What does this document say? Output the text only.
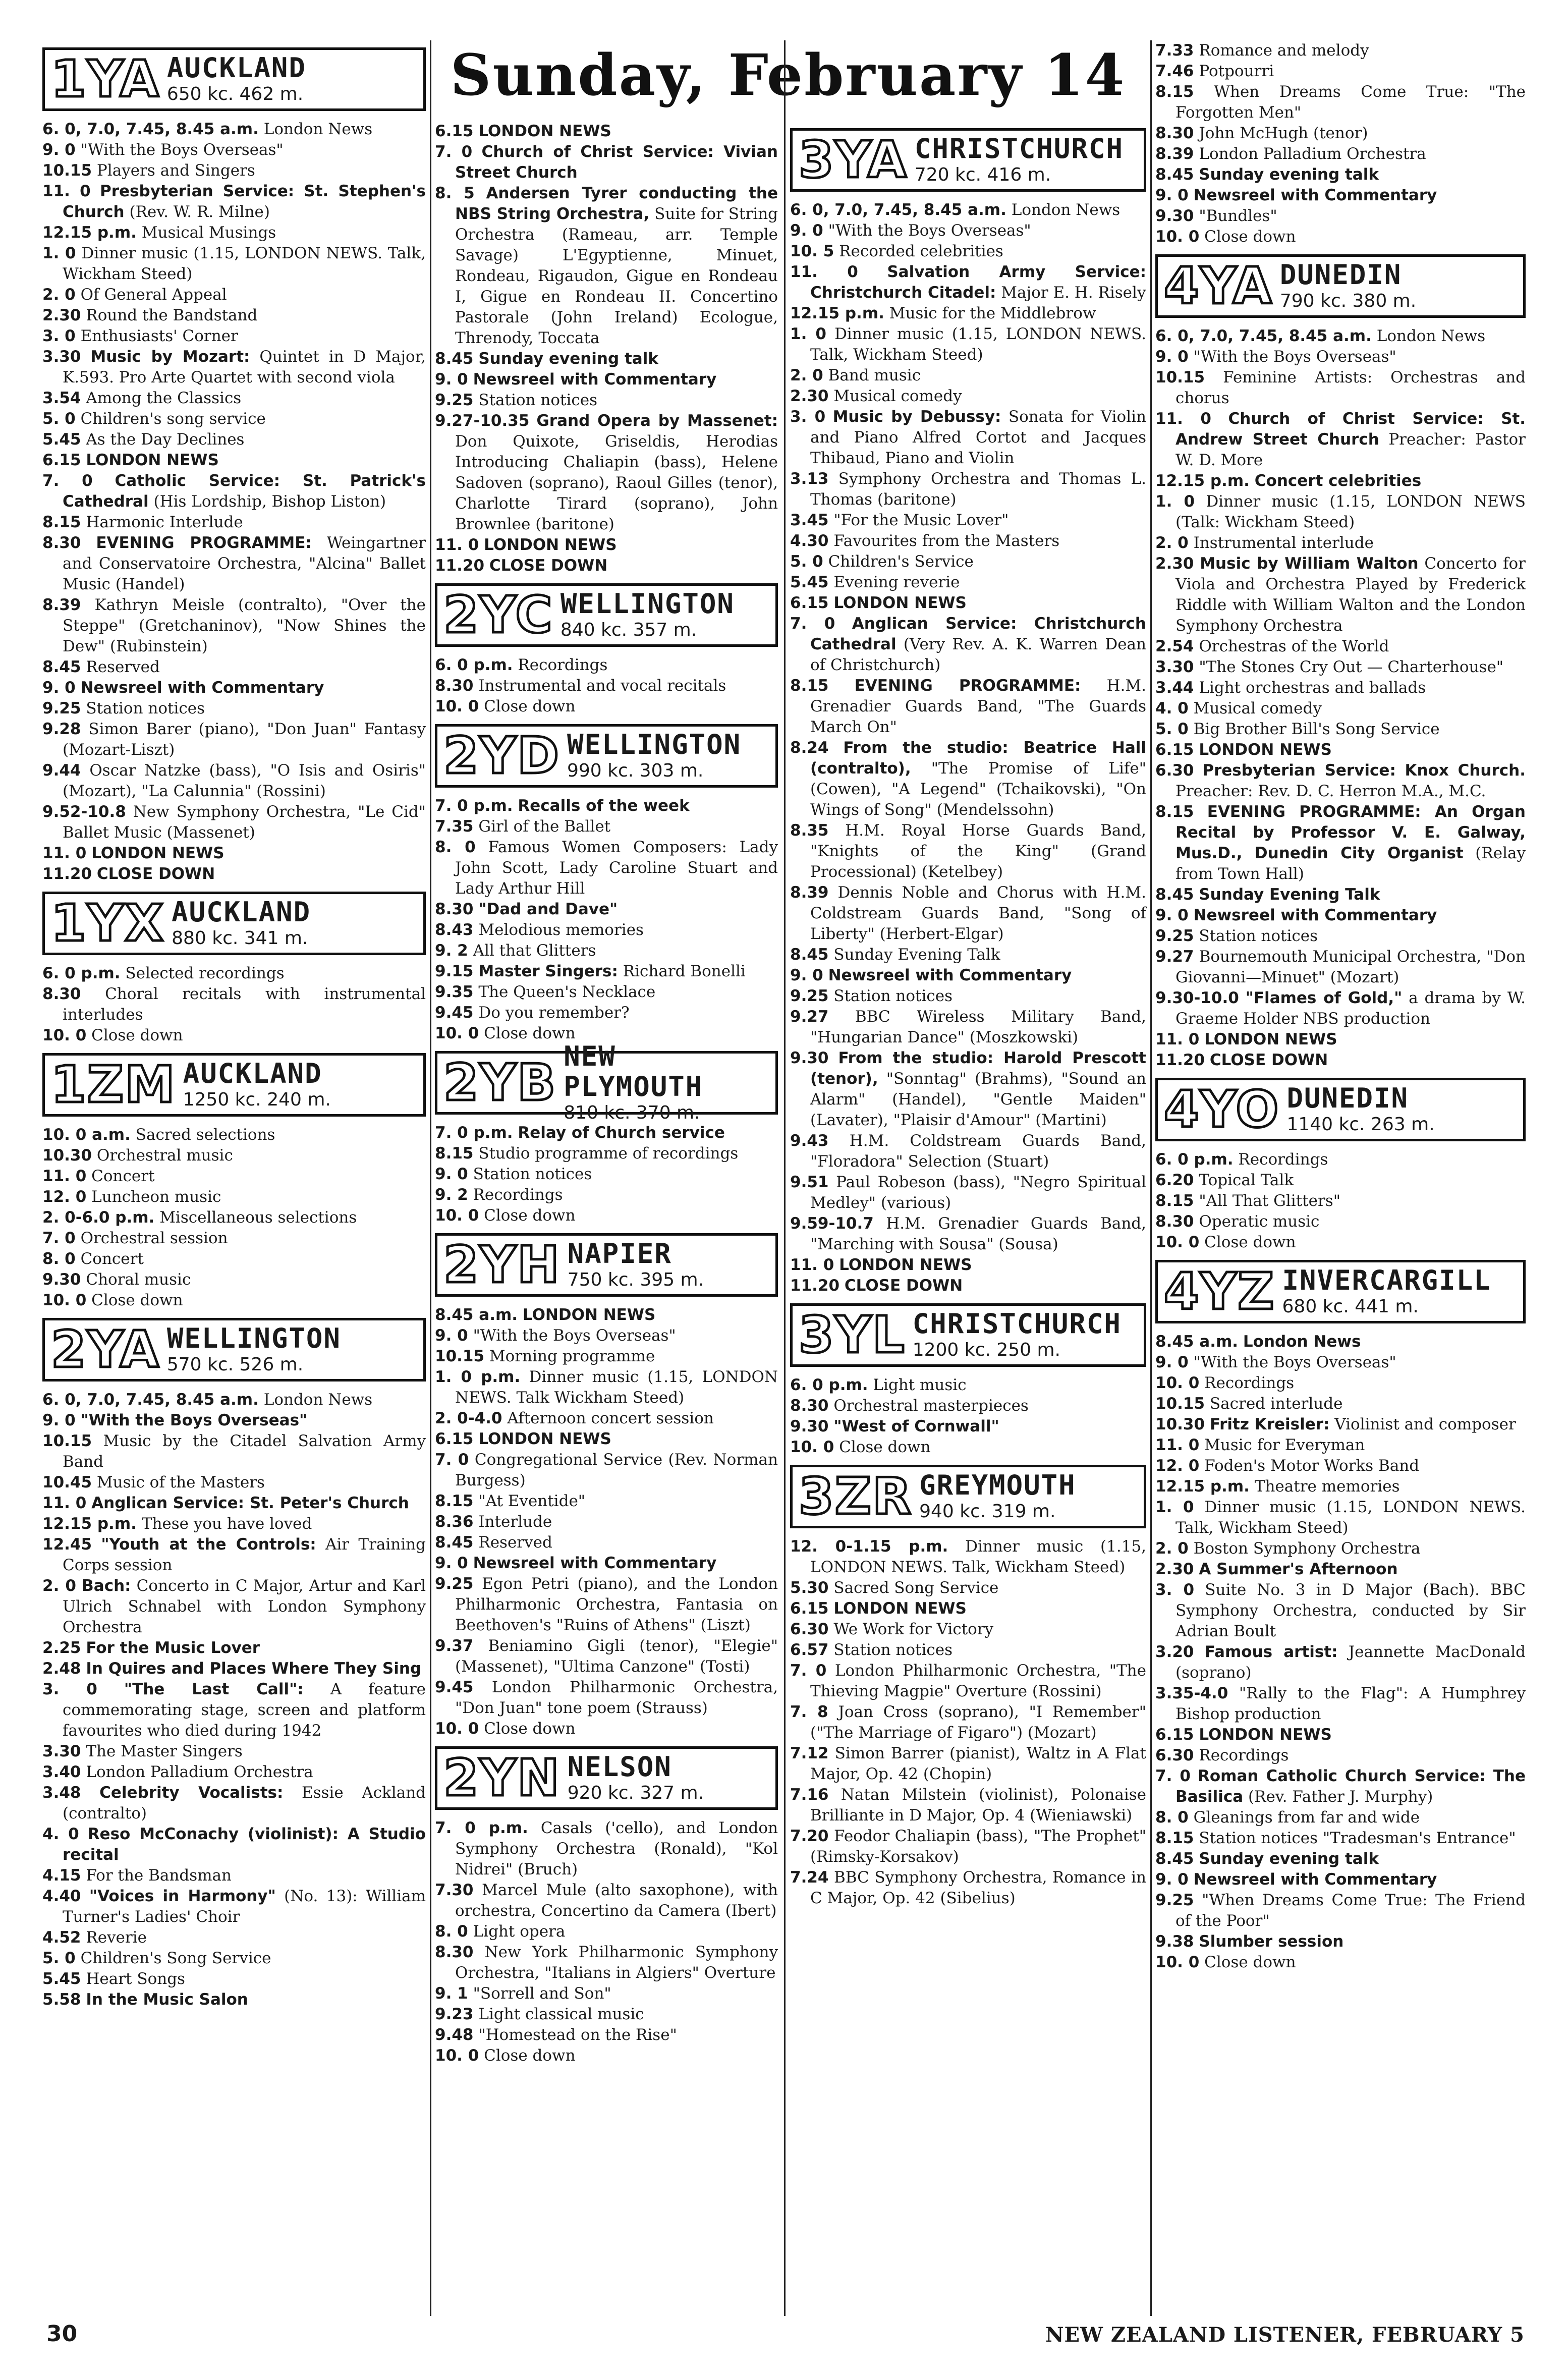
Sunday, February 14
1YA AUCKLAND
650 kc. 462 m.
6. 0, 7.0, 7.45, 8.45 a.m. London News
9. 0 "With the Boys Overseas"
10.15 Players and Singers
11. 0 Presbyterian Service: St. Stephen's Church (Rev. W. R. Milne)
12.15 p.m. Musical Musings
1. 0 Dinner music (1.15, LONDON NEWS. Talk, Wickham Steed)
2. 0 Of General Appeal
2.30 Round the Bandstand
3. 0 Enthusiasts' Corner
3.30 Music by Mozart: Quintet in D Major, K.593. Pro Arte Quartet with second viola
3.54 Among the Classics
5. 0 Children's song service
5.45 As the Day Declines
6.15 LONDON NEWS
7. 0 Catholic Service: St. Patrick's Cathedral (His Lordship, Bishop Liston)
8.15 Harmonic Interlude
8.30 EVENING PROGRAMME: Weingartner and Conservatoire Orchestra, "Alcina" Ballet Music (Handel)
8.39 Kathryn Meisle (contralto), "Over the Steppe" (Gretchaninov), "Now Shines the Dew" (Rubinstein)
8.45 Reserved
9. 0 Newsreel with Commentary
9.25 Station notices
9.28 Simon Barer (piano), "Don Juan" Fantasy (Mozart-Liszt)
9.44 Oscar Natzke (bass), "O Isis and Osiris" (Mozart), "La Calunnia" (Rossini)
9.52-10.8 New Symphony Orchestra, "Le Cid" Ballet Music (Massenet)
11. 0 LONDON NEWS
11.20 CLOSE DOWN
1YX AUCKLAND
880 kc. 341 m.
6. 0 p.m. Selected recordings
8.30 Choral recitals with instrumental interludes
10. 0 Close down
1ZM AUCKLAND
1250 kc. 240 m.
10. 0 a.m. Sacred selections
10.30 Orchestral music
11. 0 Concert
12. 0 Luncheon music
2. 0-6.0 p.m. Miscellaneous selections
7. 0 Orchestral session
8. 0 Concert
9.30 Choral music
10. 0 Close down
2YA WELLINGTON
570 kc. 526 m.
6. 0, 7.0, 7.45, 8.45 a.m. London News
9. 0 "With the Boys Overseas"
10.15 Music by the Citadel Salvation Army Band
10.45 Music of the Masters
11. 0 Anglican Service: St. Peter's Church
12.15 p.m. These you have loved
12.45 "Youth at the Controls: Air Training Corps session
2. 0 Bach: Concerto in C Major, Artur and Karl Ulrich Schnabel with London Symphony Orchestra
2.25 For the Music Lover
2.48 In Quires and Places Where They Sing
3. 0 "The Last Call": A feature commemorating stage, screen and platform favourites who died during 1942
3.30 The Master Singers
3.40 London Palladium Orchestra
3.48 Celebrity Vocalists: Essie Ackland (contralto)
4. 0 Reso McConachy (violinist): A Studio recital
4.15 For the Bandsman
4.40 "Voices in Harmony" (No. 13): William Turner's Ladies' Choir
4.52 Reverie
5. 0 Children's Song Service
5.45 Heart Songs
5.58 In the Music Salon
6.15 LONDON NEWS
7. 0 Church of Christ Service: Vivian Street Church
8. 5 Andersen Tyrer conducting the NBS String Orchestra, Suite for String Orchestra (Rameau, arr. Temple Savage) L'Egyptienne, Minuet, Rondeau, Rigaudon, Gigue en Rondeau I, Gigue en Rondeau II. Concertino Pastorale (John Ireland) Ecologue, Threnody, Toccata
8.45 Sunday evening talk
9. 0 Newsreel with Commentary
9.25 Station notices
9.27-10.35 Grand Opera by Massenet: Don Quixote, Griseldis, Herodias Introducing Chaliapin (bass), Helene Sadoven (soprano), Raoul Gilles (tenor), Charlotte Tirard (soprano), John Brownlee (baritone)
11. 0 LONDON NEWS
11.20 CLOSE DOWN
2YC WELLINGTON
840 kc. 357 m.
6. 0 p.m. Recordings
8.30 Instrumental and vocal recitals
10. 0 Close down
2YD WELLINGTON
990 kc. 303 m.
7. 0 p.m. Recalls of the week
7.35 Girl of the Ballet
8. 0 Famous Women Composers: Lady John Scott, Lady Caroline Stuart and Lady Arthur Hill
8.30 "Dad and Dave"
8.43 Melodious memories
9. 2 All that Glitters
9.15 Master Singers: Richard Bonelli
9.35 The Queen's Necklace
9.45 Do you remember?
10. 0 Close down
2YB NEW PLYMOUTH
810 kc. 370 m.
7. 0 p.m. Relay of Church service
8.15 Studio programme of recordings
9. 0 Station notices
9. 2 Recordings
10. 0 Close down
2YH NAPIER
750 kc. 395 m.
8.45 a.m. LONDON NEWS
9. 0 "With the Boys Overseas"
10.15 Morning programme
1. 0 p.m. Dinner music (1.15, LONDON NEWS. Talk Wickham Steed)
2. 0-4.0 Afternoon concert session
6.15 LONDON NEWS
7. 0 Congregational Service (Rev. Norman Burgess)
8.15 "At Eventide"
8.36 Interlude
8.45 Reserved
9. 0 Newsreel with Commentary
9.25 Egon Petri (piano), and the London Philharmonic Orchestra, Fantasia on Beethoven's "Ruins of Athens" (Liszt)
9.37 Beniamino Gigli (tenor), "Elegie" (Massenet), "Ultima Canzone" (Tosti)
9.45 London Philharmonic Orchestra, "Don Juan" tone poem (Strauss)
10. 0 Close down
2YN NELSON
920 kc. 327 m.
7. 0 p.m. Casals ('cello), and London Symphony Orchestra (Ronald), "Kol Nidrei" (Bruch)
7.30 Marcel Mule (alto saxophone), with orchestra, Concertino da Camera (Ibert)
8. 0 Light opera
8.30 New York Philharmonic Symphony Orchestra, "Italians in Algiers" Overture
9. 1 "Sorrell and Son"
9.23 Light classical music
9.48 "Homestead on the Rise"
10. 0 Close down
3YA CHRISTCHURCH
720 kc. 416 m.
6. 0, 7.0, 7.45, 8.45 a.m. London News
9. 0 "With the Boys Overseas"
10. 5 Recorded celebrities
11. 0 Salvation Army Service: Christchurch Citadel: Major E. H. Risely
12.15 p.m. Music for the Middlebrow
1. 0 Dinner music (1.15, LONDON NEWS. Talk, Wickham Steed)
2. 0 Band music
2.30 Musical comedy
3. 0 Music by Debussy: Sonata for Violin and Piano Alfred Cortot and Jacques Thibaud, Piano and Violin
3.13 Symphony Orchestra and Thomas L. Thomas (baritone)
3.45 "For the Music Lover"
4.30 Favourites from the Masters
5. 0 Children's Service
5.45 Evening reverie
6.15 LONDON NEWS
7. 0 Anglican Service: Christchurch Cathedral (Very Rev. A. K. Warren Dean of Christchurch)
8.15 EVENING PROGRAMME: H.M. Grenadier Guards Band, "The Guards March On"
8.24 From the studio: Beatrice Hall (contralto), "The Promise of Life" (Cowen), "A Legend" (Tchaikovski), "On Wings of Song" (Mendelssohn)
8.35 H.M. Royal Horse Guards Band, "Knights of the King" (Grand Processional) (Ketelbey)
8.39 Dennis Noble and Chorus with H.M. Coldstream Guards Band, "Song of Liberty" (Herbert-Elgar)
8.45 Sunday Evening Talk
9. 0 Newsreel with Commentary
9.25 Station notices
9.27 BBC Wireless Military Band, "Hungarian Dance" (Moszkowski)
9.30 From the studio: Harold Prescott (tenor), "Sonntag" (Brahms), "Sound an Alarm" (Handel), "Gentle Maiden" (Lavater), "Plaisir d'Amour" (Martini)
9.43 H.M. Coldstream Guards Band, "Floradora" Selection (Stuart)
9.51 Paul Robeson (bass), "Negro Spiritual Medley" (various)
9.59-10.7 H.M. Grenadier Guards Band, "Marching with Sousa" (Sousa)
11. 0 LONDON NEWS
11.20 CLOSE DOWN
3YL CHRISTCHURCH
1200 kc. 250 m.
6. 0 p.m. Light music
8.30 Orchestral masterpieces
9.30 "West of Cornwall"
10. 0 Close down
3ZR GREYMOUTH
940 kc. 319 m.
12. 0-1.15 p.m. Dinner music (1.15, LONDON NEWS. Talk, Wickham Steed)
5.30 Sacred Song Service
6.15 LONDON NEWS
6.30 We Work for Victory
6.57 Station notices
7. 0 London Philharmonic Orchestra, "The Thieving Magpie" Overture (Rossini)
7. 8 Joan Cross (soprano), "I Remember" ("The Marriage of Figaro") (Mozart)
7.12 Simon Barrer (pianist), Waltz in A Flat Major, Op. 42 (Chopin)
7.16 Natan Milstein (violinist), Polonaise Brilliante in D Major, Op. 4 (Wieniawski)
7.20 Feodor Chaliapin (bass), "The Prophet" (Rimsky-Korsakov)
7.24 BBC Symphony Orchestra, Romance in C Major, Op. 42 (Sibelius)
7.33 Romance and melody
7.46 Potpourri
8.15 When Dreams Come True: "The Forgotten Men"
8.30 John McHugh (tenor)
8.39 London Palladium Orchestra
8.45 Sunday evening talk
9. 0 Newsreel with Commentary
9.30 "Bundles"
10. 0 Close down
4YA DUNEDIN
790 kc. 380 m.
6. 0, 7.0, 7.45, 8.45 a.m. London News
9. 0 "With the Boys Overseas"
10.15 Feminine Artists: Orchestras and chorus
11. 0 Church of Christ Service: St. Andrew Street Church Preacher: Pastor W. D. More
12.15 p.m. Concert celebrities
1. 0 Dinner music (1.15, LONDON NEWS (Talk: Wickham Steed)
2. 0 Instrumental interlude
2.30 Music by William Walton Concerto for Viola and Orchestra Played by Frederick Riddle with William Walton and the London Symphony Orchestra
2.54 Orchestras of the World
3.30 "The Stones Cry Out — Charterhouse"
3.44 Light orchestras and ballads
4. 0 Musical comedy
5. 0 Big Brother Bill's Song Service
6.15 LONDON NEWS
6.30 Presbyterian Service: Knox Church. Preacher: Rev. D. C. Herron M.A., M.C.
8.15 EVENING PROGRAMME: An Organ Recital by Professor V. E. Galway, Mus.D., Dunedin City Organist (Relay from Town Hall)
8.45 Sunday Evening Talk
9. 0 Newsreel with Commentary
9.25 Station notices
9.27 Bournemouth Municipal Orchestra, "Don Giovanni—Minuet" (Mozart)
9.30-10.0 "Flames of Gold," a drama by W. Graeme Holder NBS production
11. 0 LONDON NEWS
11.20 CLOSE DOWN
4YO DUNEDIN
1140 kc. 263 m.
6. 0 p.m. Recordings
6.20 Topical Talk
8.15 "All That Glitters"
8.30 Operatic music
10. 0 Close down
4YZ INVERCARGILL
680 kc. 441 m.
8.45 a.m. London News
9. 0 "With the Boys Overseas"
10. 0 Recordings
10.15 Sacred interlude
10.30 Fritz Kreisler: Violinist and composer
11. 0 Music for Everyman
12. 0 Foden's Motor Works Band
12.15 p.m. Theatre memories
1. 0 Dinner music (1.15, LONDON NEWS. Talk, Wickham Steed)
2. 0 Boston Symphony Orchestra
2.30 A Summer's Afternoon
3. 0 Suite No. 3 in D Major (Bach). BBC Symphony Orchestra, conducted by Sir Adrian Boult
3.20 Famous artist: Jeannette MacDonald (soprano)
3.35-4.0 "Rally to the Flag": A Humphrey Bishop production
6.15 LONDON NEWS
6.30 Recordings
7. 0 Roman Catholic Church Service: The Basilica (Rev. Father J. Murphy)
8. 0 Gleanings from far and wide
8.15 Station notices "Tradesman's Entrance"
8.45 Sunday evening talk
9. 0 Newsreel with Commentary
9.25 "When Dreams Come True: The Friend of the Poor"
9.38 Slumber session
10. 0 Close down
30	NEW ZEALAND LISTENER, FEBRUARY 5
